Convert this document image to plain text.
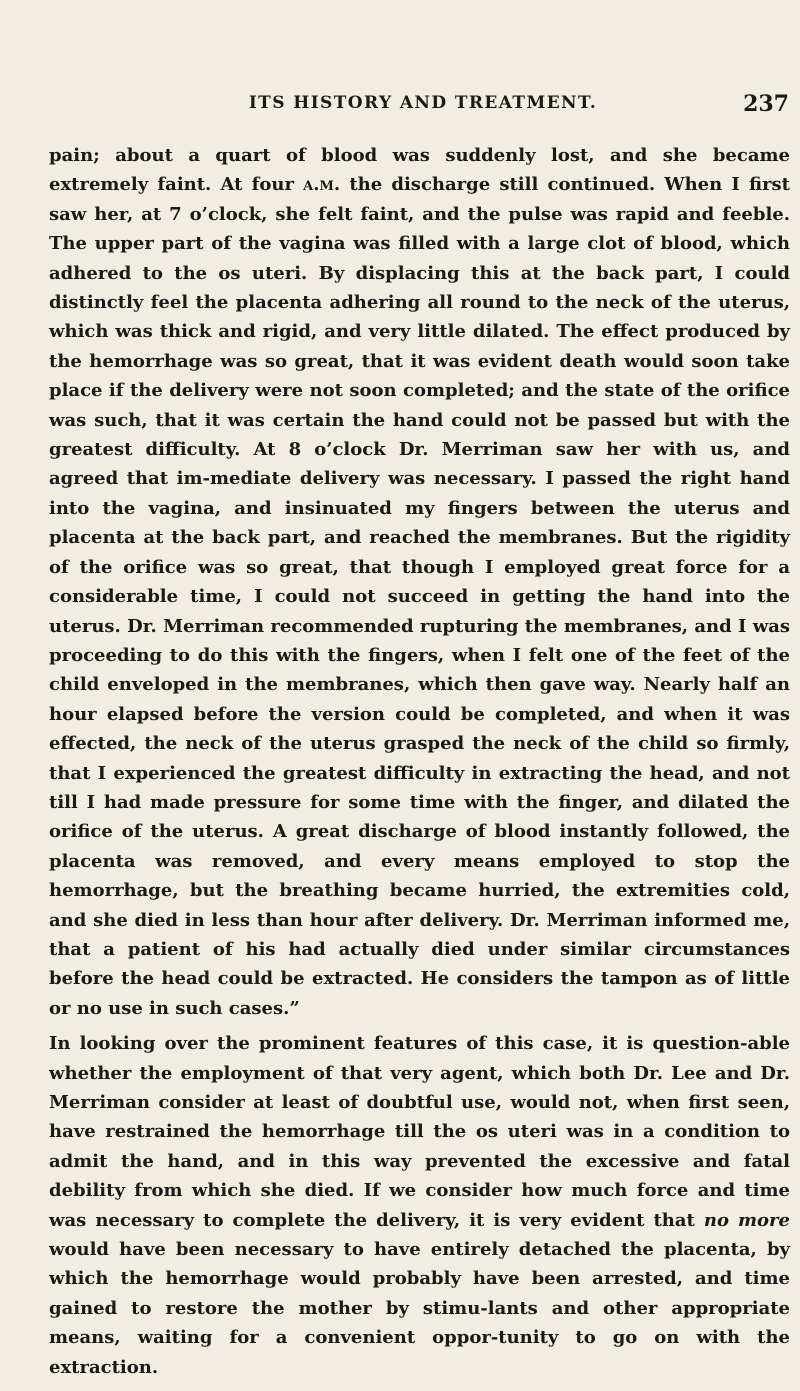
ITS HISTORY AND TREATMENT.	237

pain; about a quart of blood was suddenly lost, and she became extremely faint. At four a.m. the discharge still continued. When I first saw her, at 7 o’clock, she felt faint, and the pulse was rapid and feeble. The upper part of the vagina was filled with a large clot of blood, which adhered to the os uteri. By displacing this at the back part, I could distinctly feel the placenta adhering all round to the neck of the uterus, which was thick and rigid, and very little dilated. The effect produced by the hemorrhage was so great, that it was evident death would soon take place if the delivery were not soon completed; and the state of the orifice was such, that it was certain the hand could not be passed but with the greatest difficulty. At 8 o’clock Dr. Merriman saw her with us, and agreed that im-mediate delivery was necessary. I passed the right hand into the vagina, and insinuated my fingers between the uterus and placenta at the back part, and reached the membranes. But the rigidity of the orifice was so great, that though I employed great force for a considerable time, I could not succeed in getting the hand into the uterus. Dr. Merriman recommended rupturing the membranes, and I was proceeding to do this with the fingers, when I felt one of the feet of the child enveloped in the membranes, which then gave way. Nearly half an hour elapsed before the version could be completed, and when it was effected, the neck of the uterus grasped the neck of the child so firmly, that I experienced the greatest difficulty in extracting the head, and not till I had made pressure for some time with the finger, and dilated the orifice of the uterus. A great discharge of blood instantly followed, the placenta was removed, and every means employed to stop the hemorrhage, but the breathing became hurried, the extremities cold, and she died in less than hour after delivery. Dr. Merriman informed me, that a patient of his had actually died under similar circumstances before the head could be extracted. He considers the tampon as of little or no use in such cases.”

In looking over the prominent features of this case, it is question-able whether the employment of that very agent, which both Dr. Lee and Dr. Merriman consider at least of doubtful use, would not, when first seen, have restrained the hemorrhage till the os uteri was in a condition to admit the hand, and in this way prevented the excessive and fatal debility from which she died. If we consider how much force and time was necessary to complete the delivery, it is very evident that no more would have been necessary to have entirely detached the placenta, by which the hemorrhage would probably have been arrested, and time gained to restore the mother by stimu-lants and other appropriate means, waiting for a convenient oppor-tunity to go on with the extraction.
